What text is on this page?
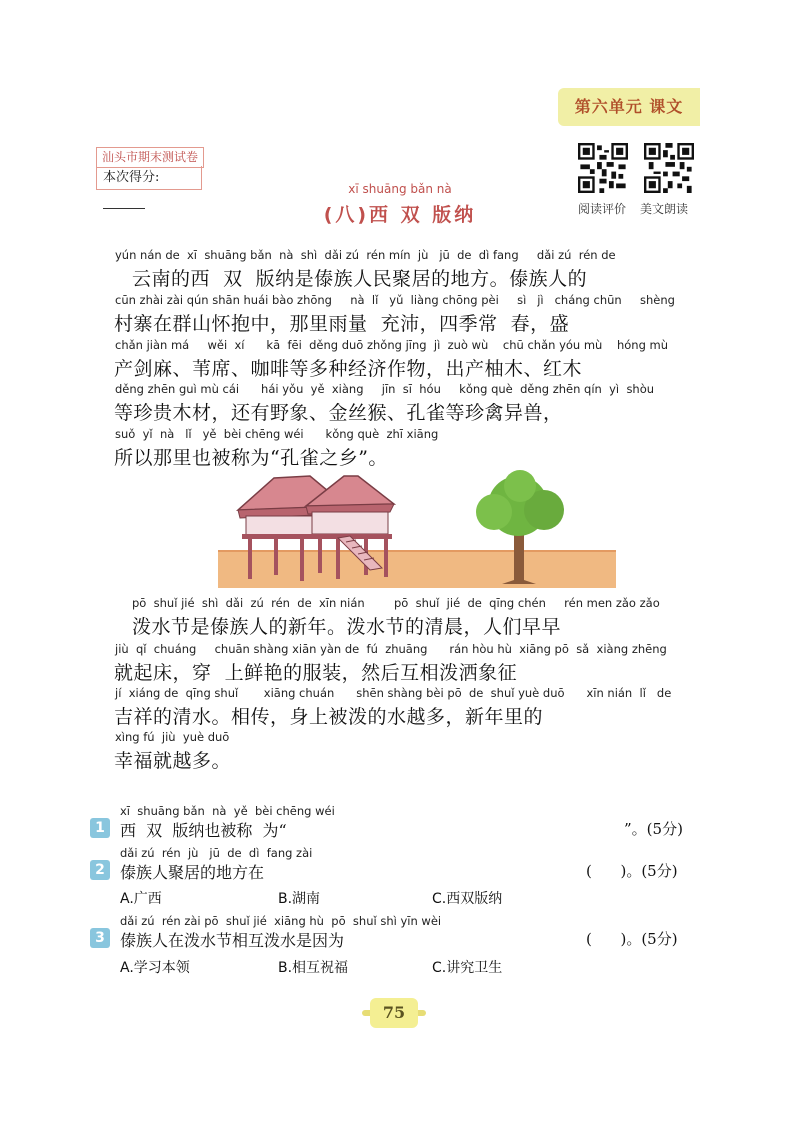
第六单元 课文
汕头市期末测试卷
本次得分:
阅读评价 美文朗读
xī shuāng bǎn nà
(八)西 双 版纳
yún nán de  xī  shuāng bǎn  nà  shì  dǎi zú  rén mín  jù   jū  de  dì fang     dǎi zú  rén de
云南的西  双  版纳是傣族人民聚居的地方。傣族人的
cūn zhài zài qún shān huái bào zhōng     nà  lǐ   yǔ  liàng chōng pèi     sì   jì   cháng chūn     shèng
村寨在群山怀抱中，那里雨量  充沛，四季常  春，盛
chǎn jiàn má     wěi  xí      kā  fēi  děng duō zhǒng jīng  jì  zuò wù    chū chǎn yóu mù    hóng mù
产剑麻、苇席、咖啡等多种经济作物，出产柚木、红木
děng zhēn guì mù cái      hái yǒu  yě  xiàng     jīn  sī  hóu     kǒng què  děng zhēn qín  yì  shòu
等珍贵木材，还有野象、金丝猴、孔雀等珍禽异兽，
suǒ  yǐ  nà   lǐ   yě  bèi chēng wéi      kǒng què  zhī xiāng
所以那里也被称为“孔雀之乡”。
pō  shuǐ jié  shì  dǎi  zú  rén  de  xīn nián        pō  shuǐ  jié  de  qīng chén     rén men zǎo zǎo
泼水节是傣族人的新年。泼水节的清晨，人们早早
jiù  qǐ  chuáng     chuān shàng xiān yàn de  fú  zhuāng      rán hòu hù  xiāng pō  sǎ  xiàng zhēng
就起床，穿  上鲜艳的服装，然后互相泼洒象征
jí  xiáng de  qīng shuǐ       xiāng chuán      shēn shàng bèi pō  de  shuǐ yuè duō      xīn nián  lǐ   de
吉祥的清水。相传，身上被泼的水越多，新年里的
xìng fú  jiù  yuè duō
幸福就越多。
xī  shuāng bǎn  nà  yě  bèi chēng wéi
1 西  双  版纳也被称  为“	”。(5分)
dǎi zú  rén  jù   jū  de  dì  fang zài
2 傣族人聚居的地方在	(      )。(5分)
A.广西	B.湖南	C.西双版纳
dǎi zú  rén zài pō  shuǐ jié  xiāng hù  pō  shuǐ shì yīn wèi
3 傣族人在泼水节相互泼水是因为	(      )。(5分)
A.学习本领	B.相互祝福	C.讲究卫生
75
